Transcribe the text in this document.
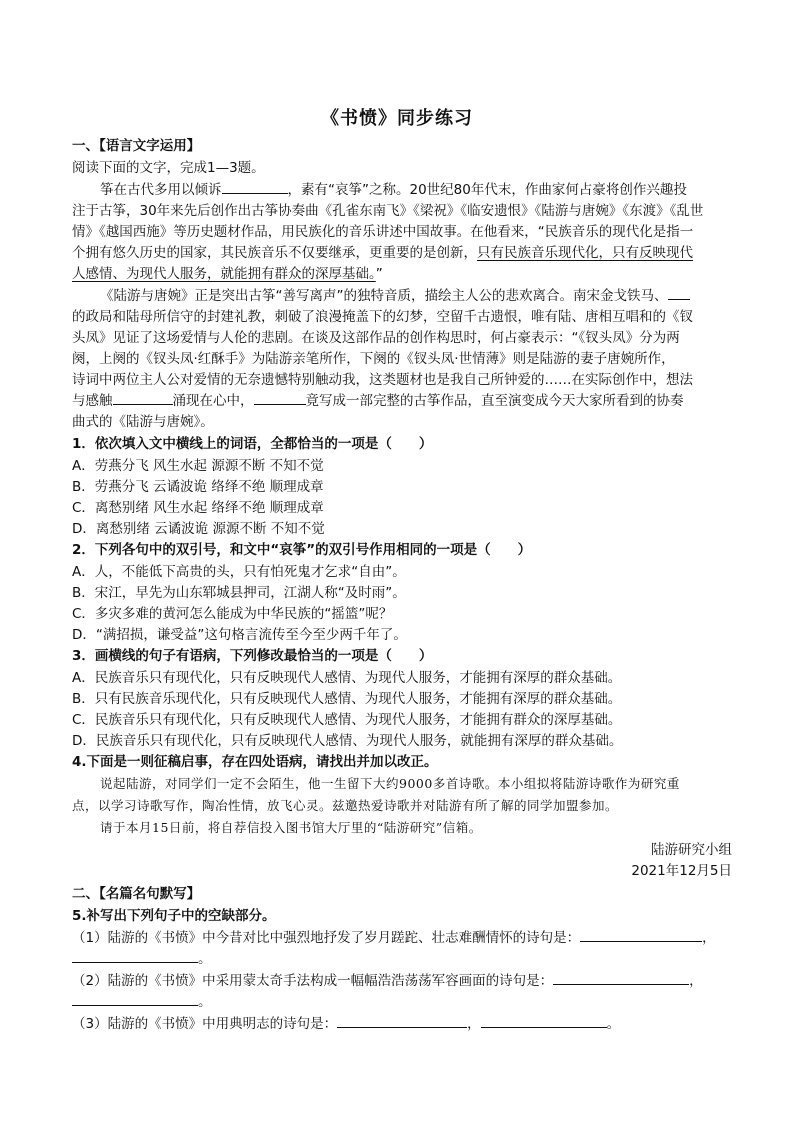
《书愤》同步练习
一、【语言文字运用】
阅读下面的文字，完成1—3题。
筝在古代多用以倾诉	，素有“哀筝”之称。20世纪80年代末，作曲家何占豪将创作兴趣投
注于古筝，30年来先后创作出古筝协奏曲《孔雀东南飞》《梁祝》《临安遗恨》《陆游与唐婉》《东渡》《乱世
情》《越国西施》等历史题材作品，用民族化的音乐讲述中国故事。在他看来，“民族音乐的现代化是指一
个拥有悠久历史的国家，其民族音乐不仅要继承，更重要的是创新，只有民族音乐现代化，只有反映现代
人感情、为现代人服务，就能拥有群众的深厚基础。”
《陆游与唐婉》正是突出古筝“善写离声”的独特音质，描绘主人公的悲欢离合。南宋金戈铁马、
的政局和陆母所信守的封建礼教，刺破了浪漫掩盖下的幻梦，空留千古遗恨，唯有陆、唐相互唱和的《钗
头凤》见证了这场爱情与人伦的悲剧。在谈及这部作品的创作构思时，何占豪表示：“《钗头凤》分为两
阕，上阕的《钗头凤·红酥手》为陆游亲笔所作，下阕的《钗头凤·世情薄》则是陆游的妻子唐婉所作，
诗词中两位主人公对爱情的无奈遗憾特别触动我，这类题材也是我自己所钟爱的……在实际创作中，想法
与感触	涌现在心中，	竟写成一部完整的古筝作品，直至演变成今天大家所看到的协奏
曲式的《陆游与唐婉》。
1．依次填入文中横线上的词语，全都恰当的一项是（　　）
A．劳燕分飞 风生水起 源源不断 不知不觉
B．劳燕分飞 云谲波诡 络绎不绝 顺理成章
C．离愁别绪 风生水起 络绎不绝 顺理成章
D．离愁别绪 云谲波诡 源源不断 不知不觉
2．下列各句中的双引号，和文中“哀筝”的双引号作用相同的一项是（　　）
A．人，不能低下高贵的头，只有怕死鬼才乞求“自由”。
B．宋江，早先为山东郓城县押司，江湖人称“及时雨”。
C．多灾多难的黄河怎么能成为中华民族的“摇篮”呢？
D．“满招损，谦受益”这句格言流传至今至少两千年了。
3．画横线的句子有语病，下列修改最恰当的一项是（　　）
A．民族音乐只有现代化，只有反映现代人感情、为现代人服务，才能拥有深厚的群众基础。
B．只有民族音乐现代化，只有反映现代人感情、为现代人服务，才能拥有深厚的群众基础。
C．民族音乐只有现代化，只有反映现代人感情、为现代人服务，才能拥有群众的深厚基础。
D．民族音乐只有现代化，只有反映现代人感情、为现代人服务，就能拥有深厚的群众基础。
4.下面是一则征稿启事，存在四处语病，请找出并加以改正。
说起陆游，对同学们一定不会陌生，他一生留下大约9000多首诗歌。本小组拟将陆游诗歌作为研究重
点，以学习诗歌写作，陶冶性情，放飞心灵。兹邀热爱诗歌并对陆游有所了解的同学加盟参加。
请于本月15日前，将自荐信投入图书馆大厅里的“陆游研究”信箱。
陆游研究小组
2021年12月5日
二、【名篇名句默写】
5.补写出下列句子中的空缺部分。
（1）陆游的《书愤》中今昔对比中强烈地抒发了岁月蹉跎、壮志难酬情怀的诗句是：	，
。
（2）陆游的《书愤》中采用蒙太奇手法构成一幅幅浩浩荡荡军容画面的诗句是：	，
。
（3）陆游的《书愤》中用典明志的诗句是：	，	。
